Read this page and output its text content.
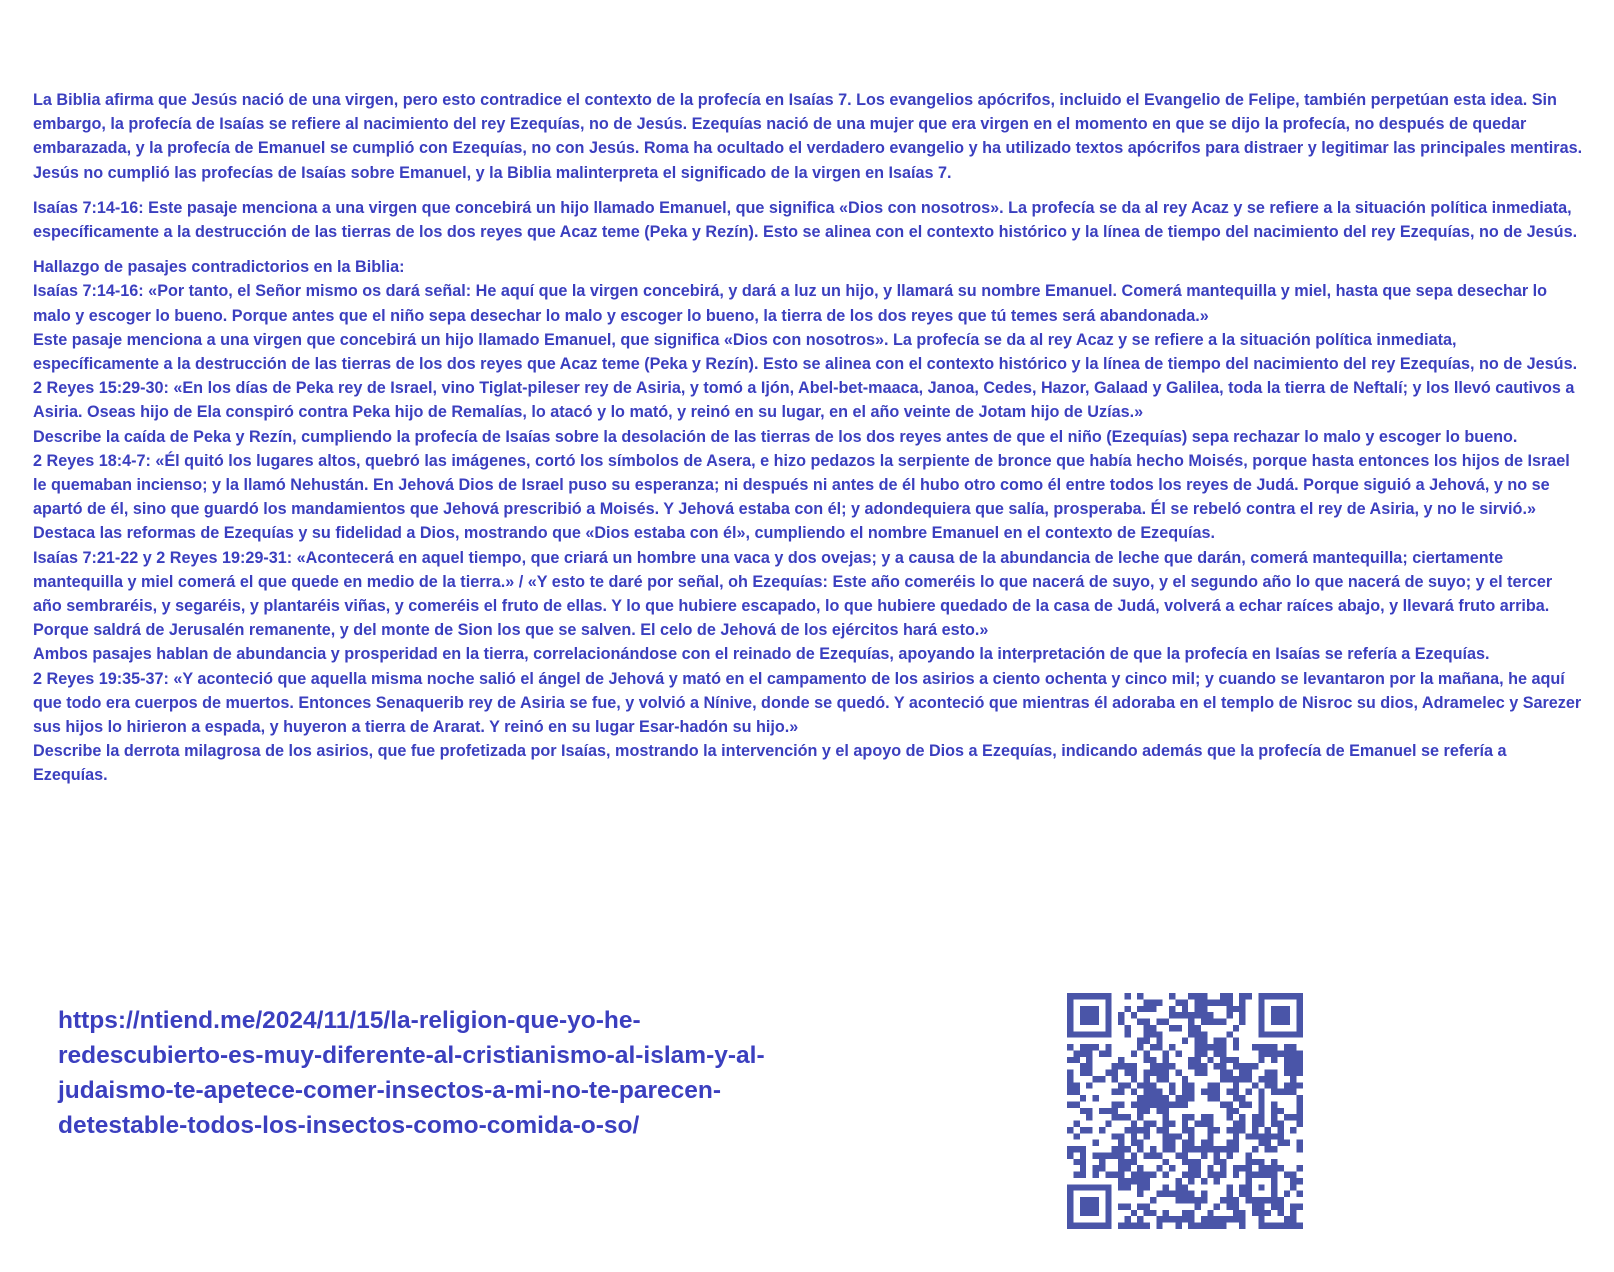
La Biblia afirma que Jesús nació de una virgen, pero esto contradice el contexto de la profecía en Isaías 7. Los evangelios apócrifos, incluido el Evangelio de Felipe, también perpetúan esta idea. Sin embargo, la profecía de Isaías se refiere al nacimiento del rey Ezequías, no de Jesús. Ezequías nació de una mujer que era virgen en el momento en que se dijo la profecía, no después de quedar embarazada, y la profecía de Emanuel se cumplió con Ezequías, no con Jesús. Roma ha ocultado el verdadero evangelio y ha utilizado textos apócrifos para distraer y legitimar las principales mentiras. Jesús no cumplió las profecías de Isaías sobre Emanuel, y la Biblia malinterpreta el significado de la virgen en Isaías 7.

Isaías 7:14-16: Este pasaje menciona a una virgen que concebirá un hijo llamado Emanuel, que significa «Dios con nosotros». La profecía se da al rey Acaz y se refiere a la situación política inmediata, específicamente a la destrucción de las tierras de los dos reyes que Acaz teme (Peka y Rezín). Esto se alinea con el contexto histórico y la línea de tiempo del nacimiento del rey Ezequías, no de Jesús.

Hallazgo de pasajes contradictorios en la Biblia:

Isaías 7:14-16: «Por tanto, el Señor mismo os dará señal: He aquí que la virgen concebirá, y dará a luz un hijo, y llamará su nombre Emanuel. Comerá mantequilla y miel, hasta que sepa desechar lo malo y escoger lo bueno. Porque antes que el niño sepa desechar lo malo y escoger lo bueno, la tierra de los dos reyes que tú temes será abandonada.»

Este pasaje menciona a una virgen que concebirá un hijo llamado Emanuel, que significa «Dios con nosotros». La profecía se da al rey Acaz y se refiere a la situación política inmediata, específicamente a la destrucción de las tierras de los dos reyes que Acaz teme (Peka y Rezín). Esto se alinea con el contexto histórico y la línea de tiempo del nacimiento del rey Ezequías, no de Jesús.

2 Reyes 15:29-30: «En los días de Peka rey de Israel, vino Tiglat-pileser rey de Asiria, y tomó a Ijón, Abel-bet-maaca, Janoa, Cedes, Hazor, Galaad y Galilea, toda la tierra de Neftalí; y los llevó cautivos a Asiria. Oseas hijo de Ela conspiró contra Peka hijo de Remalías, lo atacó y lo mató, y reinó en su lugar, en el año veinte de Jotam hijo de Uzías.»

Describe la caída de Peka y Rezín, cumpliendo la profecía de Isaías sobre la desolación de las tierras de los dos reyes antes de que el niño (Ezequías) sepa rechazar lo malo y escoger lo bueno.

2 Reyes 18:4-7: «Él quitó los lugares altos, quebró las imágenes, cortó los símbolos de Asera, e hizo pedazos la serpiente de bronce que había hecho Moisés, porque hasta entonces los hijos de Israel le quemaban incienso; y la llamó Nehustán. En Jehová Dios de Israel puso su esperanza; ni después ni antes de él hubo otro como él entre todos los reyes de Judá. Porque siguió a Jehová, y no se apartó de él, sino que guardó los mandamientos que Jehová prescribió a Moisés. Y Jehová estaba con él; y adondequiera que salía, prosperaba. Él se rebeló contra el rey de Asiria, y no le sirvió.»

Destaca las reformas de Ezequías y su fidelidad a Dios, mostrando que «Dios estaba con él», cumpliendo el nombre Emanuel en el contexto de Ezequías.

Isaías 7:21-22 y 2 Reyes 19:29-31: «Acontecerá en aquel tiempo, que criará un hombre una vaca y dos ovejas; y a causa de la abundancia de leche que darán, comerá mantequilla; ciertamente mantequilla y miel comerá el que quede en medio de la tierra.» / «Y esto te daré por señal, oh Ezequías: Este año comeréis lo que nacerá de suyo, y el segundo año lo que nacerá de suyo; y el tercer año sembraréis, y segaréis, y plantaréis viñas, y comeréis el fruto de ellas. Y lo que hubiere escapado, lo que hubiere quedado de la casa de Judá, volverá a echar raíces abajo, y llevará fruto arriba. Porque saldrá de Jerusalén remanente, y del monte de Sion los que se salven. El celo de Jehová de los ejércitos hará esto.»

Ambos pasajes hablan de abundancia y prosperidad en la tierra, correlacionándose con el reinado de Ezequías, apoyando la interpretación de que la profecía en Isaías se refería a Ezequías.

2 Reyes 19:35-37: «Y aconteció que aquella misma noche salió el ángel de Jehová y mató en el campamento de los asirios a ciento ochenta y cinco mil; y cuando se levantaron por la mañana, he aquí que todo era cuerpos de muertos. Entonces Senaquerib rey de Asiria se fue, y volvió a Nínive, donde se quedó. Y aconteció que mientras él adoraba en el templo de Nisroc su dios, Adramelec y Sarezer sus hijos lo hirieron a espada, y huyeron a tierra de Ararat. Y reinó en su lugar Esar-hadón su hijo.»

Describe la derrota milagrosa de los asirios, que fue profetizada por Isaías, mostrando la intervención y el apoyo de Dios a Ezequías, indicando además que la profecía de Emanuel se refería a Ezequías.

https://ntiend.me/2024/11/15/la-religion-que-yo-he-
redescubierto-es-muy-diferente-al-cristianismo-al-islam-y-al-
judaismo-te-apetece-comer-insectos-a-mi-no-te-parecen-
detestable-todos-los-insectos-como-comida-o-so/
